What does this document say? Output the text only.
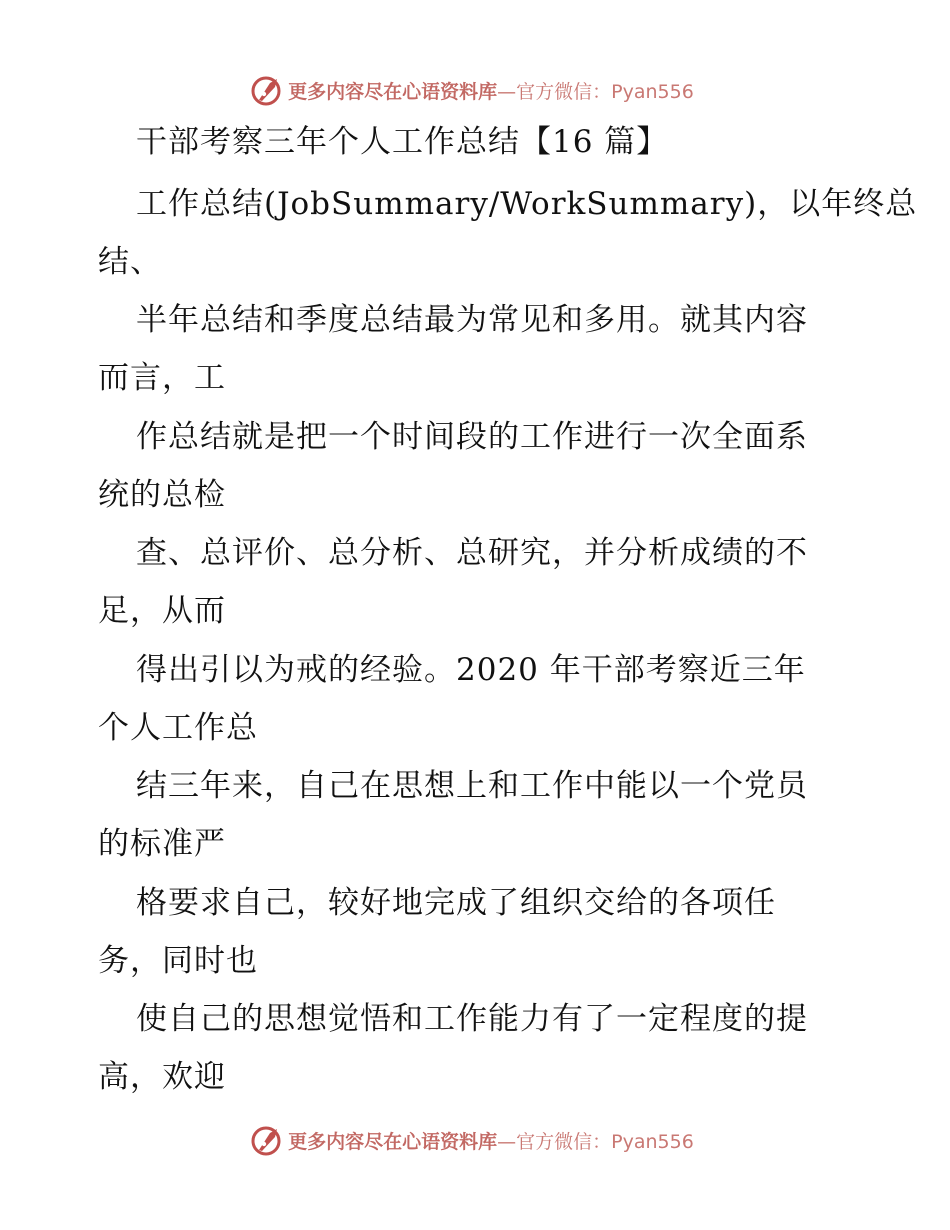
更多内容尽在心语资料库—官方微信：Pyan556
干部考察三年个人工作总结【16 篇】
工作总结(JobSummary/WorkSummary)，以年终总
结、
半年总结和季度总结最为常见和多用。就其内容
而言，工
作总结就是把一个时间段的工作进行一次全面系
统的总检
查、总评价、总分析、总研究，并分析成绩的不
足，从而
得出引以为戒的经验。2020 年干部考察近三年
个人工作总
结三年来，自己在思想上和工作中能以一个党员
的标准严
格要求自己，较好地完成了组织交给的各项任
务，同时也
使自己的思想觉悟和工作能力有了一定程度的提
高，欢迎
更多内容尽在心语资料库—官方微信：Pyan556
